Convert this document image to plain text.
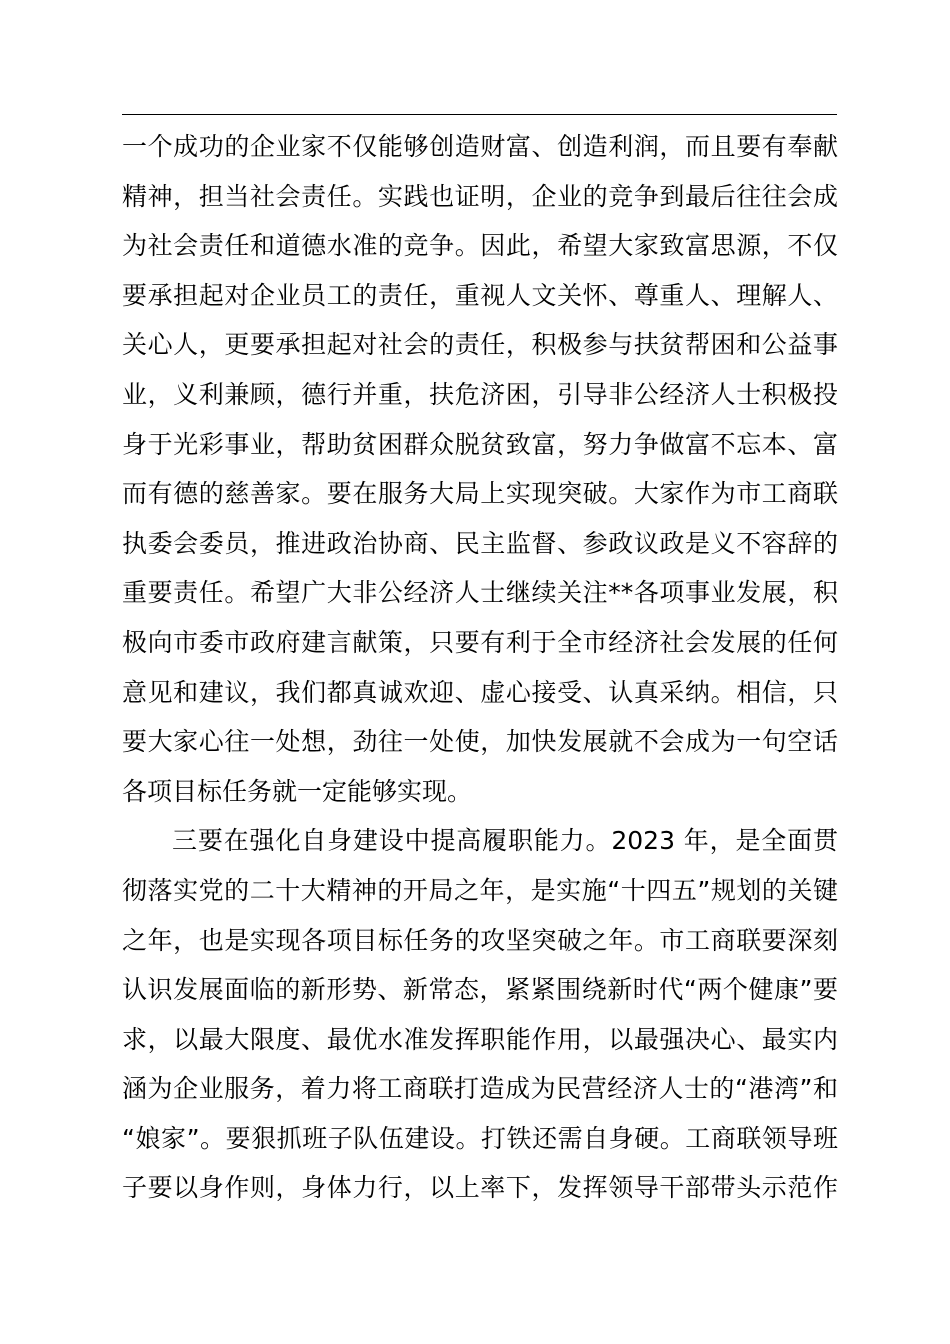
一个成功的企业家不仅能够创造财富、创造利润，而且要有奉献
精神，担当社会责任。实践也证明，企业的竞争到最后往往会成
为社会责任和道德水准的竞争。因此，希望大家致富思源，不仅
要承担起对企业员工的责任，重视人文关怀、尊重人、理解人、
关心人，更要承担起对社会的责任，积极参与扶贫帮困和公益事
业，义利兼顾，德行并重，扶危济困，引导非公经济人士积极投
身于光彩事业，帮助贫困群众脱贫致富，努力争做富不忘本、富
而有德的慈善家。要在服务大局上实现突破。大家作为市工商联
执委会委员，推进政治协商、民主监督、参政议政是义不容辞的
重要责任。希望广大非公经济人士继续关注**各项事业发展，积
极向市委市政府建言献策，只要有利于全市经济社会发展的任何
意见和建议，我们都真诚欢迎、虚心接受、认真采纳。相信，只
要大家心往一处想，劲往一处使，加快发展就不会成为一句空话
各项目标任务就一定能够实现。
三要在强化自身建设中提高履职能力。2023 年，是全面贯
彻落实党的二十大精神的开局之年，是实施“十四五”规划的关键
之年，也是实现各项目标任务的攻坚突破之年。市工商联要深刻
认识发展面临的新形势、新常态，紧紧围绕新时代“两个健康”要
求，以最大限度、最优水准发挥职能作用，以最强决心、最实内
涵为企业服务，着力将工商联打造成为民营经济人士的“港湾”和
“娘家”。要狠抓班子队伍建设。打铁还需自身硬。工商联领导班
子要以身作则，身体力行，以上率下，发挥领导干部带头示范作
